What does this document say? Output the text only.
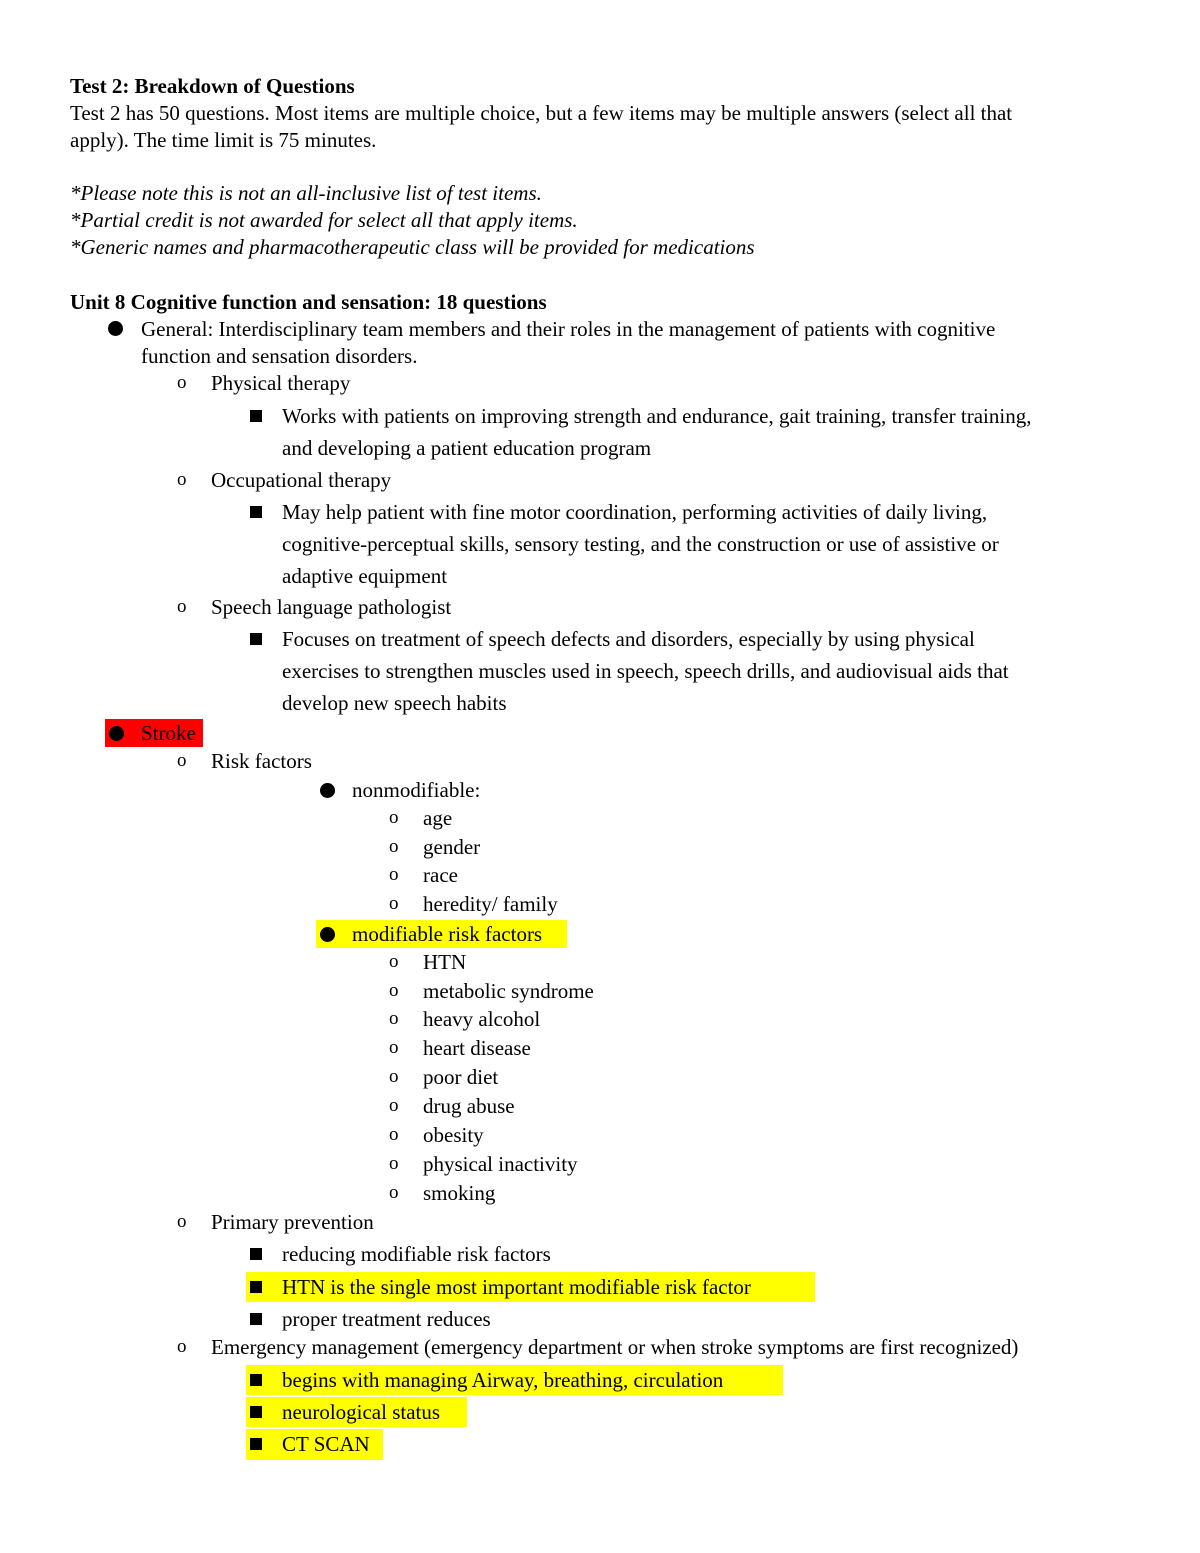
Test 2: Breakdown of Questions
Test 2 has 50 questions. Most items are multiple choice, but a few items may be multiple answers (select all that
apply). The time limit is 75 minutes.
*Please note this is not an all-inclusive list of test items.
*Partial credit is not awarded for select all that apply items.
*Generic names and pharmacotherapeutic class will be provided for medications
Unit 8 Cognitive function and sensation: 18 questions
General: Interdisciplinary team members and their roles in the management of patients with cognitive
function and sensation disorders.
o Physical therapy
Works with patients on improving strength and endurance, gait training, transfer training,
and developing a patient education program
o Occupational therapy
May help patient with fine motor coordination, performing activities of daily living,
cognitive-perceptual skills, sensory testing, and the construction or use of assistive or
adaptive equipment
o Speech language pathologist
Focuses on treatment of speech defects and disorders, especially by using physical
exercises to strengthen muscles used in speech, speech drills, and audiovisual aids that
develop new speech habits
Stroke
o Risk factors
nonmodifiable:
o age
o gender
o race
o heredity/ family
modifiable risk factors
o HTN
o metabolic syndrome
o heavy alcohol
o heart disease
o poor diet
o drug abuse
o obesity
o physical inactivity
o smoking
o Primary prevention
reducing modifiable risk factors
HTN is the single most important modifiable risk factor
proper treatment reduces
o Emergency management (emergency department or when stroke symptoms are first recognized)
begins with managing Airway, breathing, circulation
neurological status
CT SCAN
